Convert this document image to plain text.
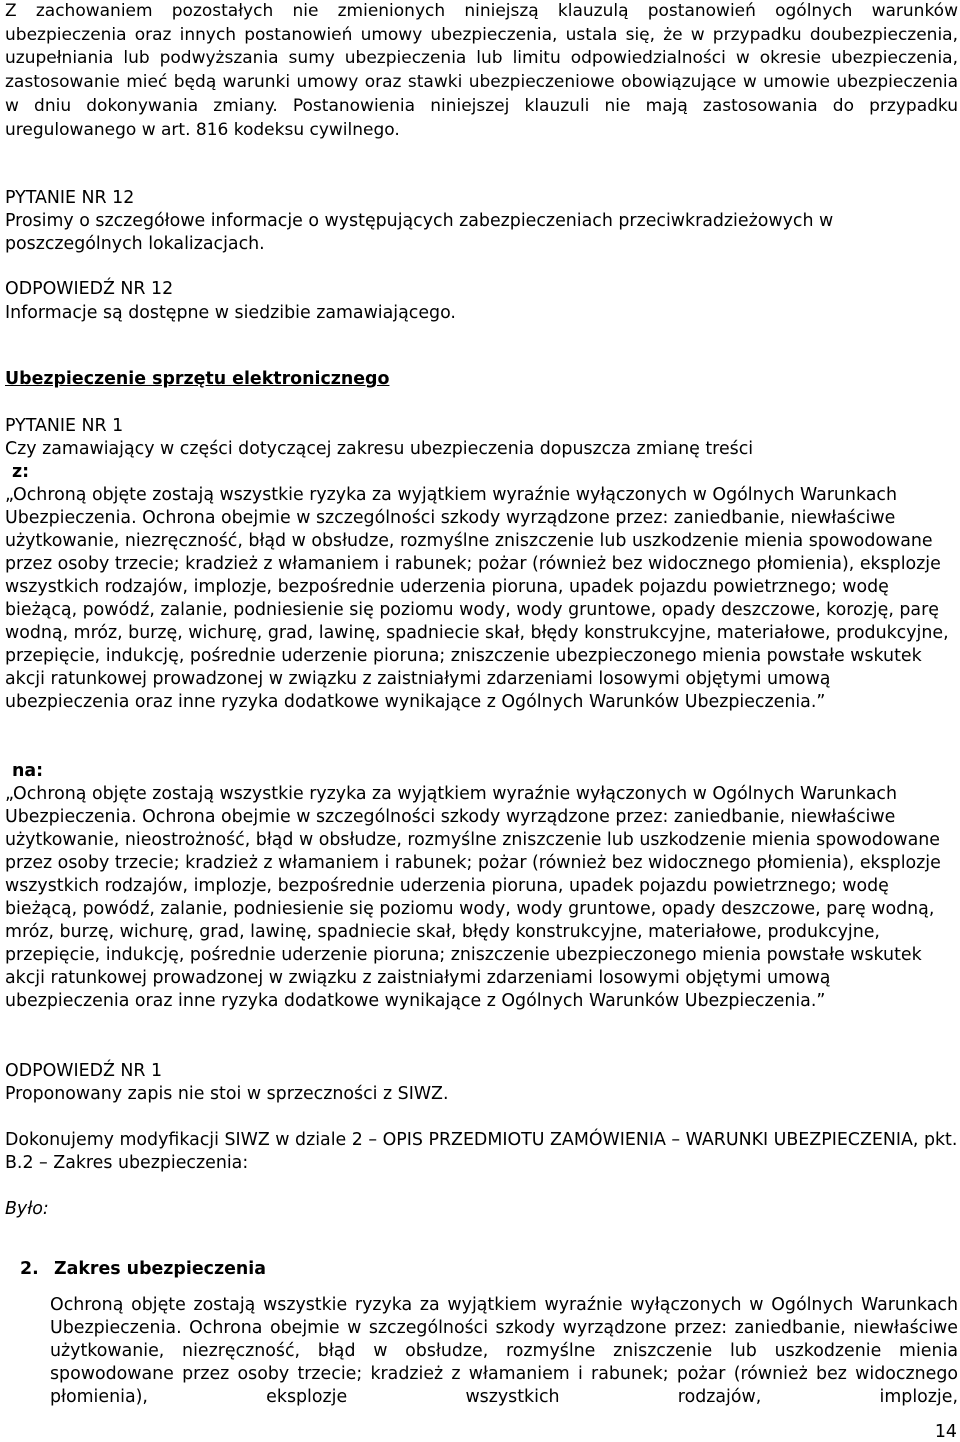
Z zachowaniem pozostałych nie zmienionych niniejszą klauzulą postanowień ogólnych warunków ubezpieczenia oraz innych postanowień umowy ubezpieczenia, ustala się, że w przypadku doubezpieczenia, uzupełniania lub podwyższania sumy ubezpieczenia lub limitu odpowiedzialności w okresie ubezpieczenia, zastosowanie mieć będą warunki umowy oraz stawki ubezpieczeniowe obowiązujące w umowie ubezpieczenia w dniu dokonywania zmiany. Postanowienia niniejszej klauzuli nie mają zastosowania do przypadku uregulowanego w art. 816 kodeksu cywilnego.

PYTANIE NR 12
Prosimy o szczegółowe informacje o występujących zabezpieczeniach przeciwkradzieżowych w poszczególnych lokalizacjach.
ODPOWIEDŹ NR 12
Informacje są dostępne w siedzibie zamawiającego.
Ubezpieczenie sprzętu elektronicznego
PYTANIE NR 1
Czy zamawiający w części dotyczącej zakresu ubezpieczenia dopuszcza zmianę treści
z:
„Ochroną objęte zostają wszystkie ryzyka za wyjątkiem wyraźnie wyłączonych w Ogólnych Warunkach Ubezpieczenia. Ochrona obejmie w szczególności szkody wyrządzone przez: zaniedbanie, niewłaściwe użytkowanie, niezręczność, błąd w obsłudze, rozmyślne zniszczenie lub uszkodzenie mienia spowodowane przez osoby trzecie; kradzież z włamaniem i rabunek; pożar (również bez widocznego płomienia), eksplozje wszystkich rodzajów, implozje, bezpośrednie uderzenia pioruna, upadek pojazdu powietrznego; wodę bieżącą, powódź, zalanie, podniesienie się poziomu wody, wody gruntowe, opady deszczowe, korozję, parę wodną, mróz, burzę, wichurę, grad, lawinę, spadniecie skał, błędy konstrukcyjne, materiałowe, produkcyjne, przepięcie, indukcję, pośrednie uderzenie pioruna; zniszczenie ubezpieczonego mienia powstałe wskutek akcji ratunkowej prowadzonej w związku z zaistniałymi zdarzeniami losowymi objętymi umową ubezpieczenia oraz inne ryzyka dodatkowe wynikające z Ogólnych Warunków Ubezpieczenia.”
na:
„Ochroną objęte zostają wszystkie ryzyka za wyjątkiem wyraźnie wyłączonych w Ogólnych Warunkach Ubezpieczenia. Ochrona obejmie w szczególności szkody wyrządzone przez: zaniedbanie, niewłaściwe użytkowanie, nieostrożność, błąd w obsłudze, rozmyślne zniszczenie lub uszkodzenie mienia spowodowane przez osoby trzecie; kradzież z włamaniem i rabunek; pożar (również bez widocznego płomienia), eksplozje wszystkich rodzajów, implozje, bezpośrednie uderzenia pioruna, upadek pojazdu powietrznego; wodę bieżącą, powódź, zalanie, podniesienie się poziomu wody, wody gruntowe, opady deszczowe, parę wodną, mróz, burzę, wichurę, grad, lawinę, spadniecie skał, błędy konstrukcyjne, materiałowe, produkcyjne, przepięcie, indukcję, pośrednie uderzenie pioruna; zniszczenie ubezpieczonego mienia powstałe wskutek akcji ratunkowej prowadzonej w związku z zaistniałymi zdarzeniami losowymi objętymi umową ubezpieczenia oraz inne ryzyka dodatkowe wynikające z Ogólnych Warunków Ubezpieczenia.”
ODPOWIEDŹ NR 1
Proponowany zapis nie stoi w sprzeczności z SIWZ.
Dokonujemy modyfikacji SIWZ w dziale 2 – OPIS PRZEDMIOTU ZAMÓWIENIA – WARUNKI UBEZPIECZENIA, pkt. B.2 – Zakres ubezpieczenia:
Było:
2. Zakres ubezpieczenia
Ochroną objęte zostają wszystkie ryzyka za wyjątkiem wyraźnie wyłączonych w Ogólnych Warunkach Ubezpieczenia. Ochrona obejmie w szczególności szkody wyrządzone przez: zaniedbanie, niewłaściwe użytkowanie, niezręczność, błąd w obsłudze, rozmyślne zniszczenie lub uszkodzenie mienia spowodowane przez osoby trzecie; kradzież z włamaniem i rabunek; pożar (również bez widocznego płomienia), eksplozje wszystkich rodzajów, implozje,
14
